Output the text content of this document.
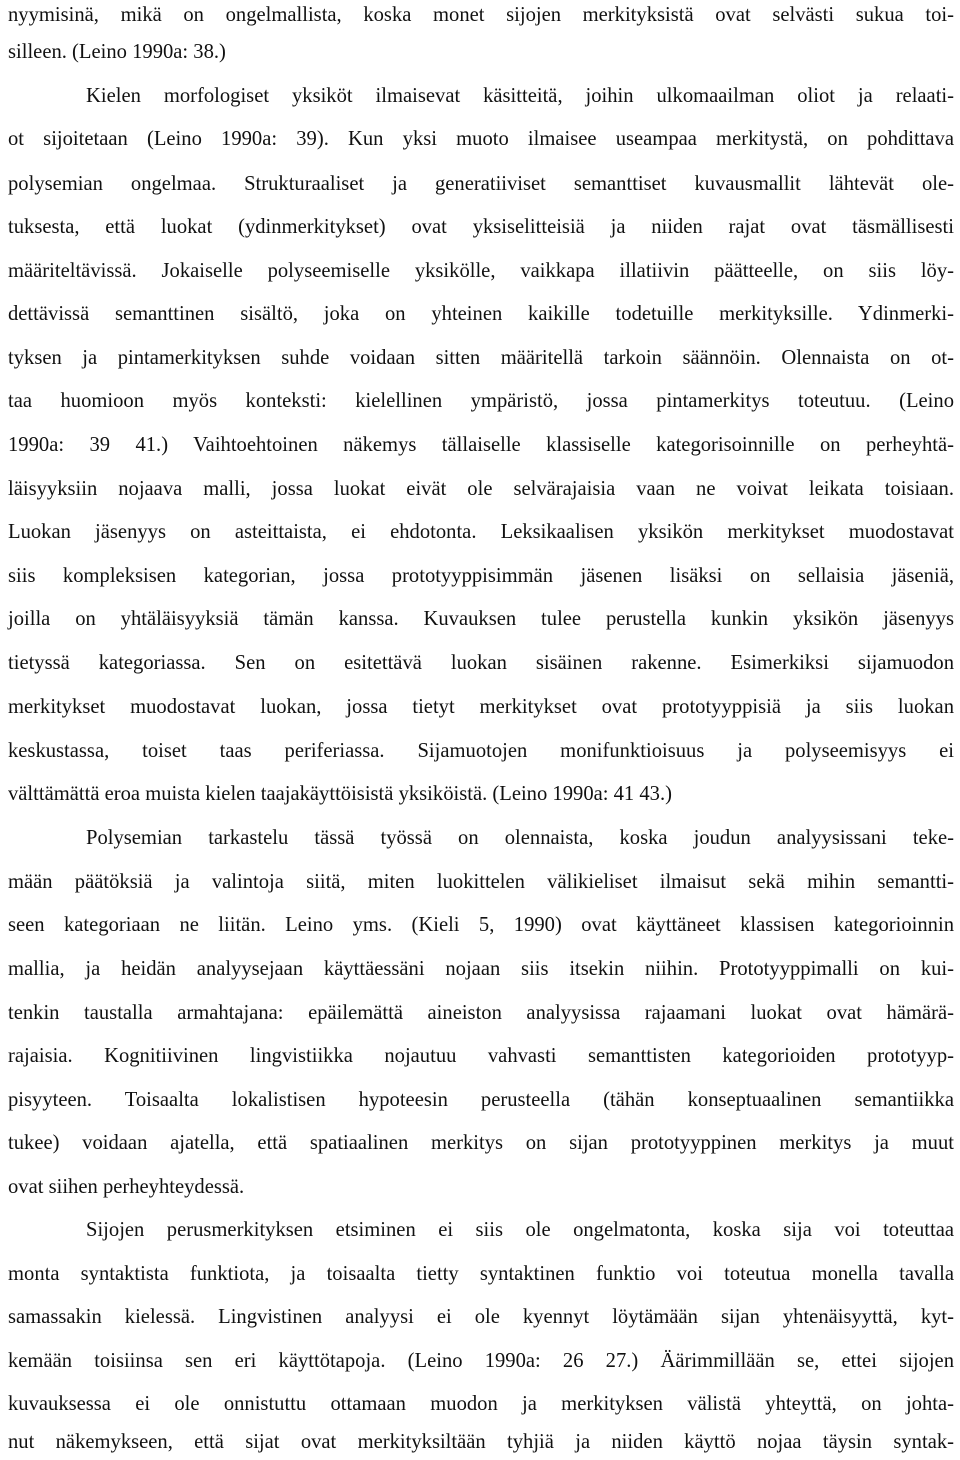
nyymisinä, mikä on ongelmallista, koska monet sijojen merkityksistä ovat selvästi sukua toi-
silleen. (Leino 1990a: 38.)
Kielen morfologiset yksiköt ilmaisevat käsitteitä, joihin ulkomaailman oliot ja relaati-
ot sijoitetaan (Leino 1990a: 39). Kun yksi muoto ilmaisee useampaa merkitystä, on pohdittava
polysemian ongelmaa. Strukturaaliset ja generatiiviset semanttiset kuvausmallit lähtevät ole-
tuksesta, että luokat (ydinmerkitykset) ovat yksiselitteisiä ja niiden rajat ovat täsmällisesti
määriteltävissä. Jokaiselle polyseemiselle yksikölle, vaikkapa illatiivin päätteelle, on siis löy-
dettävissä semanttinen sisältö, joka on yhteinen kaikille todetuille merkityksille. Ydinmerki-
tyksen ja pintamerkityksen suhde voidaan sitten määritellä tarkoin säännöin. Olennaista on ot-
taa huomioon myös konteksti: kielellinen ympäristö, jossa pintamerkitys toteutuu. (Leino
1990a: 39 41.) Vaihtoehtoinen näkemys tällaiselle klassiselle kategorisoinnille on perheyhtä-
läisyyksiin nojaava malli, jossa luokat eivät ole selvärajaisia vaan ne voivat leikata toisiaan.
Luokan jäsenyys on asteittaista, ei ehdotonta. Leksikaalisen yksikön merkitykset muodostavat
siis kompleksisen kategorian, jossa prototyyppisimmän jäsenen lisäksi on sellaisia jäseniä,
joilla on yhtäläisyyksiä tämän kanssa. Kuvauksen tulee perustella kunkin yksikön jäsenyys
tietyssä kategoriassa. Sen on esitettävä luokan sisäinen rakenne. Esimerkiksi sijamuodon
merkitykset muodostavat luokan, jossa tietyt merkitykset ovat prototyyppisiä ja siis luokan
keskustassa, toiset taas periferiassa. Sijamuotojen monifunktioisuus ja polyseemisyys ei
välttämättä eroa muista kielen taajakäyttöisistä yksiköistä. (Leino 1990a: 41 43.)
Polysemian tarkastelu tässä työssä on olennaista, koska joudun analyysissani teke-
mään päätöksiä ja valintoja siitä, miten luokittelen välikieliset ilmaisut sekä mihin semantti-
seen kategoriaan ne liitän. Leino yms. (Kieli 5, 1990) ovat käyttäneet klassisen kategorioinnin
mallia, ja heidän analyysejaan käyttäessäni nojaan siis itsekin niihin. Prototyyppimalli on kui-
tenkin taustalla armahtajana: epäilemättä aineiston analyysissa rajaamani luokat ovat hämärä-
rajaisia. Kognitiivinen lingvistiikka nojautuu vahvasti semanttisten kategorioiden prototyyp-
pisyyteen. Toisaalta lokalistisen hypoteesin perusteella (tähän konseptuaalinen semantiikka
tukee) voidaan ajatella, että spatiaalinen merkitys on sijan prototyyppinen merkitys ja muut
ovat siihen perheyhteydessä.
Sijojen perusmerkityksen etsiminen ei siis ole ongelmatonta, koska sija voi toteuttaa
monta syntaktista funktiota, ja toisaalta tietty syntaktinen funktio voi toteutua monella tavalla
samassakin kielessä. Lingvistinen analyysi ei ole kyennyt löytämään sijan yhtenäisyyttä, kyt-
kemään toisiinsa sen eri käyttötapoja. (Leino 1990a: 26 27.) Äärimmillään se, ettei sijojen
kuvauksessa ei ole onnistuttu ottamaan muodon ja merkityksen välistä yhteyttä, on johta-
nut näkemykseen, että sijat ovat merkityksiltään tyhjiä ja niiden käyttö nojaa täysin syntak-
